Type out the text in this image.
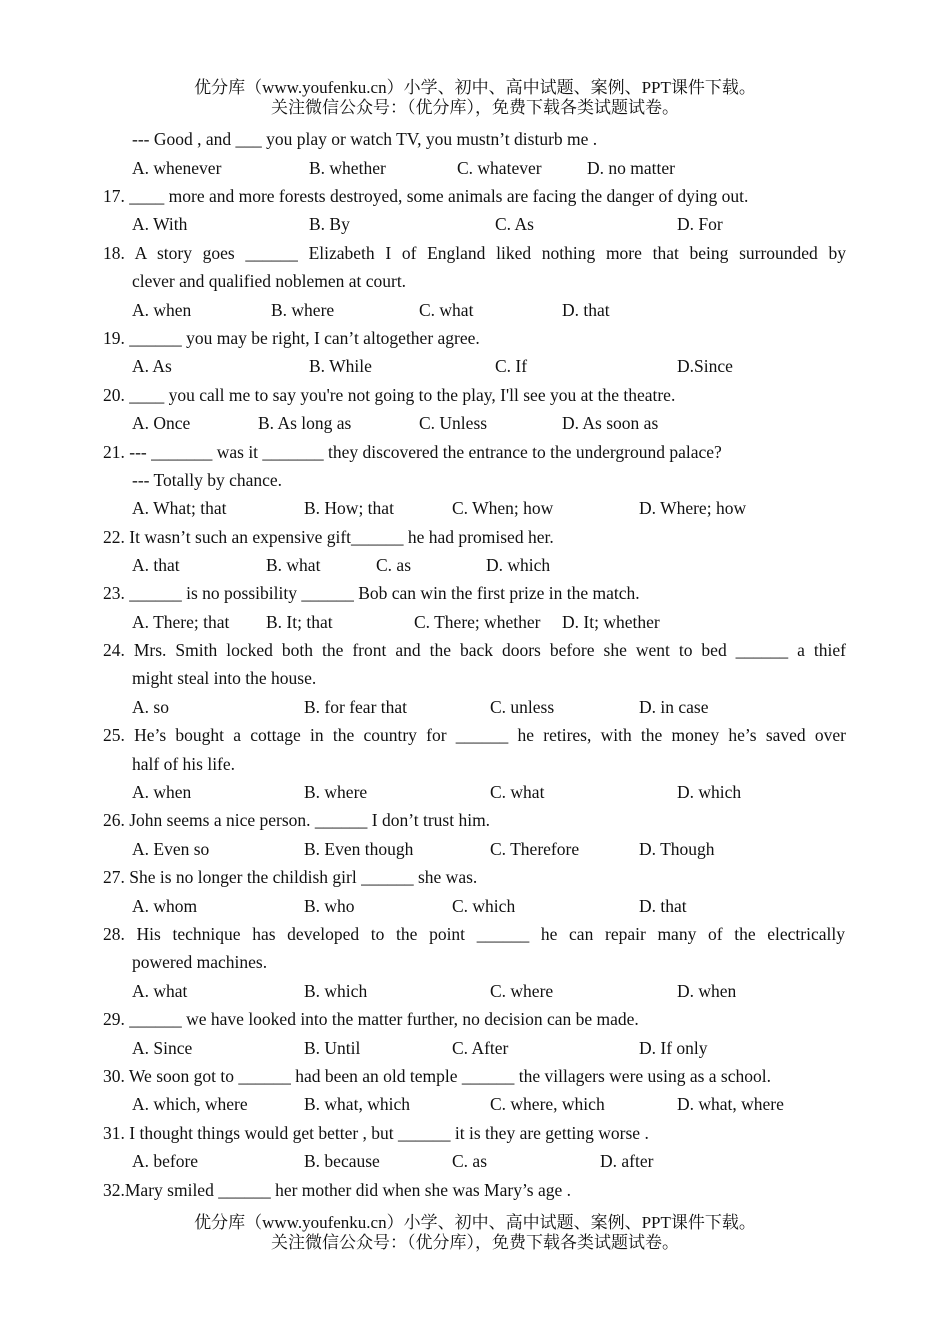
优分库（www.youfenku.cn）小学、初中、高中试题、案例、PPT课件下载。
关注微信公众号：（优分库），免费下载各类试题试卷。
--- Good , and ___ you play or watch TV, you mustn’t disturb me .
A. whenever	B. whether	C. whatever	D. no matter
17. ____ more and more forests destroyed, some animals are facing the danger of dying out.
A. With	B. By	C. As	D. For
18. A story goes ______ Elizabeth I of England liked nothing more that being surrounded by
clever and qualified noblemen at court.
A. when	B. where	C. what	D. that
19. ______ you may be right, I can’t altogether agree.
A. As	B. While	C. If	D.Since
20. ____ you call me to say you're not going to the play, I'll see you at the theatre.
A. Once	B. As long as	C. Unless	D. As soon as
21. --- _______ was it _______ they discovered the entrance to the underground palace?
--- Totally by chance.
A. What; that	B. How; that	C. When; how	D. Where; how
22. It wasn’t such an expensive gift______ he had promised her.
A. that	B. what	C. as	D. which
23. ______ is no possibility ______ Bob can win the first prize in the match.
A. There; that B. It; that	C. There; whether D. It; whether
24. Mrs. Smith locked both the front and the back doors before she went to bed ______ a thief
might steal into the house.
A. so	B. for fear that	C. unless	D. in case
25. He’s bought a cottage in the country for ______ he retires, with the money he’s saved over
half of his life.
A. when	B. where	C. what	D. which
26. John seems a nice person. ______ I don’t trust him.
A. Even so	B. Even though	C. Therefore	D. Though
27. She is no longer the childish girl ______ she was.
A. whom	B. who	C. which	D. that
28. His technique has developed to the point ______ he can repair many of the electrically
powered machines.
A. what	B. which	C. where	D. when
29. ______ we have looked into the matter further, no decision can be made.
A. Since	B. Until	C. After	D. If only
30. We soon got to ______ had been an old temple ______ the villagers were using as a school.
A. which, where	B. what, which	C. where, which	D. what, where
31. I thought things would get better , but ______ it is they are getting worse .
A. before	B. because	C. as	D. after
32.Mary smiled ______ her mother did when she was Mary’s age .
优分库（www.youfenku.cn）小学、初中、高中试题、案例、PPT课件下载。
关注微信公众号：（优分库），免费下载各类试题试卷。
